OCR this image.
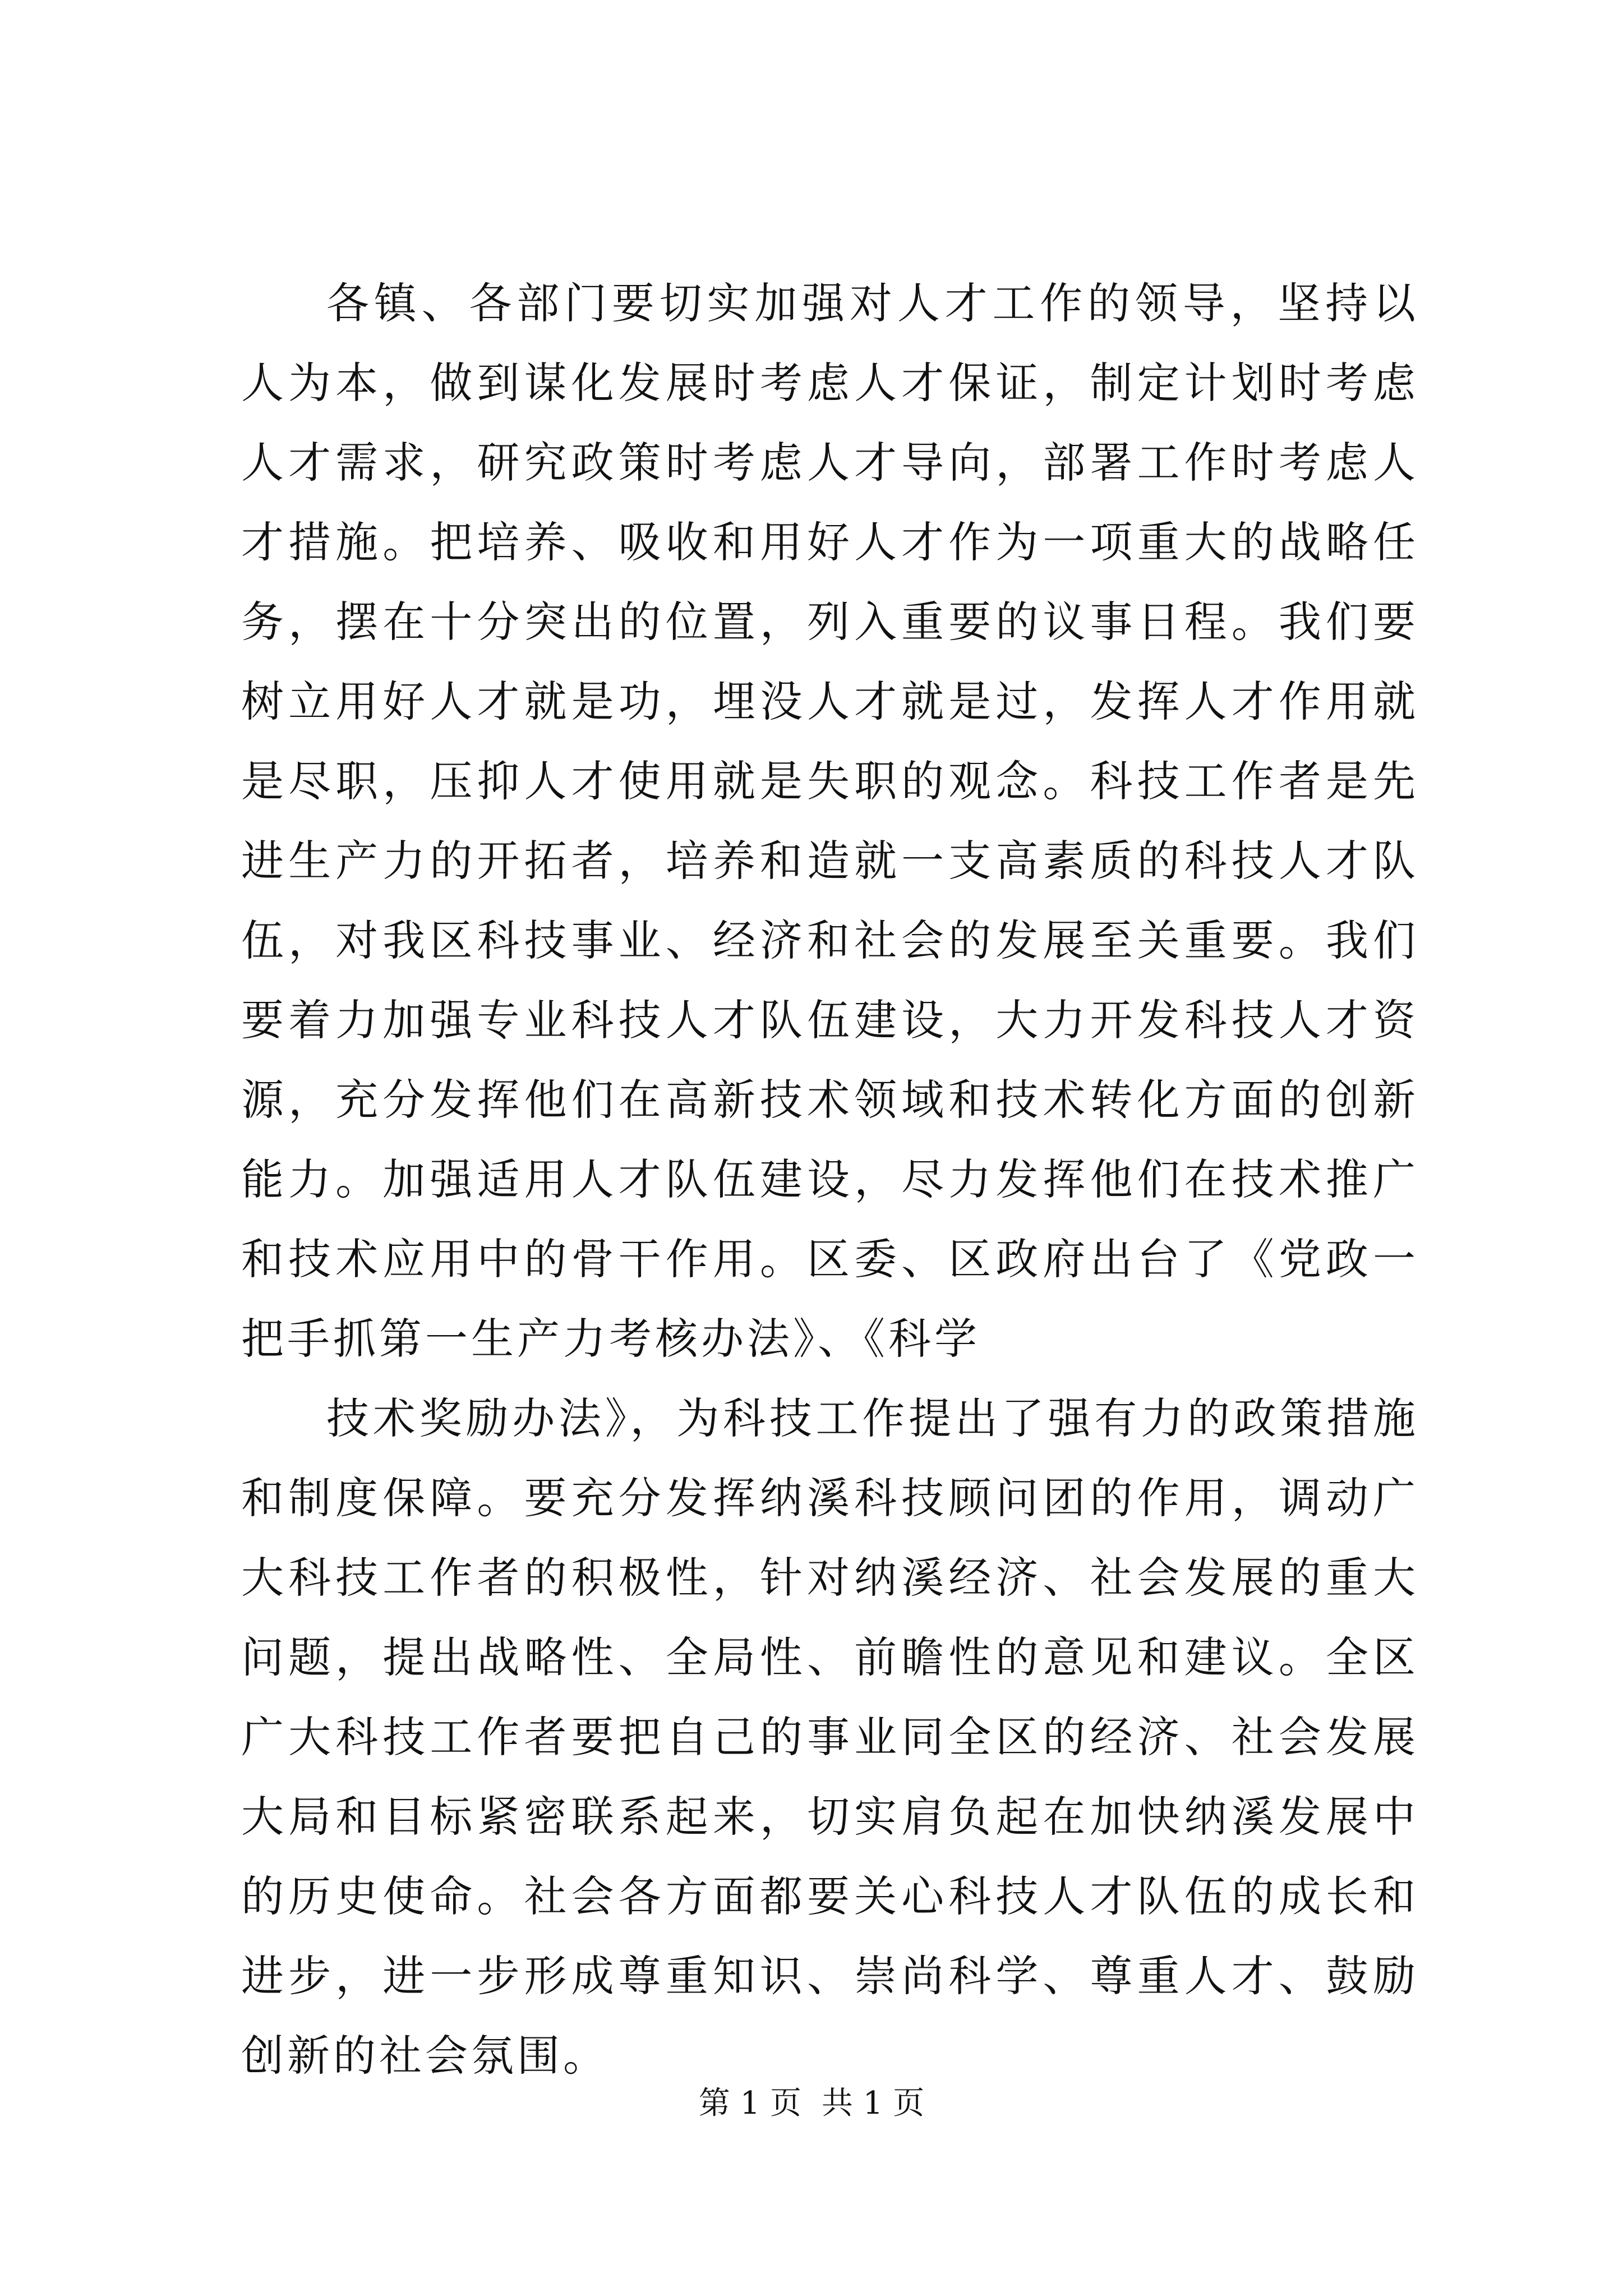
各镇、各部门要切实加强对人才工作的领导，坚持以人为本，做到谋化发展时考虑人才保证，制定计划时考虑人才需求，研究政策时考虑人才导向，部署工作时考虑人才措施。把培养、吸收和用好人才作为一项重大的战略任务，摆在十分突出的位置，列入重要的议事日程。我们要树立用好人才就是功，埋没人才就是过，发挥人才作用就是尽职，压抑人才使用就是失职的观念。科技工作者是先进生产力的开拓者，培养和造就一支高素质的科技人才队伍，对我区科技事业、经济和社会的发展至关重要。我们要着力加强专业科技人才队伍建设，大力开发科技人才资源，充分发挥他们在高新技术领域和技术转化方面的创新能力。加强适用人才队伍建设，尽力发挥他们在技术推广和技术应用中的骨干作用。区委、区政府出台了《党政一把手抓第一生产力考核办法》、《科学

技术奖励办法》，为科技工作提出了强有力的政策措施和制度保障。要充分发挥纳溪科技顾问团的作用，调动广大科技工作者的积极性，针对纳溪经济、社会发展的重大问题，提出战略性、全局性、前瞻性的意见和建议。全区广大科技工作者要把自己的事业同全区的经济、社会发展大局和目标紧密联系起来，切实肩负起在加快纳溪发展中的历史使命。社会各方面都要关心科技人才队伍的成长和进步，进一步形成尊重知识、崇尚科学、尊重人才、鼓励创新的社会氛围。

第 1 页 共 1 页
